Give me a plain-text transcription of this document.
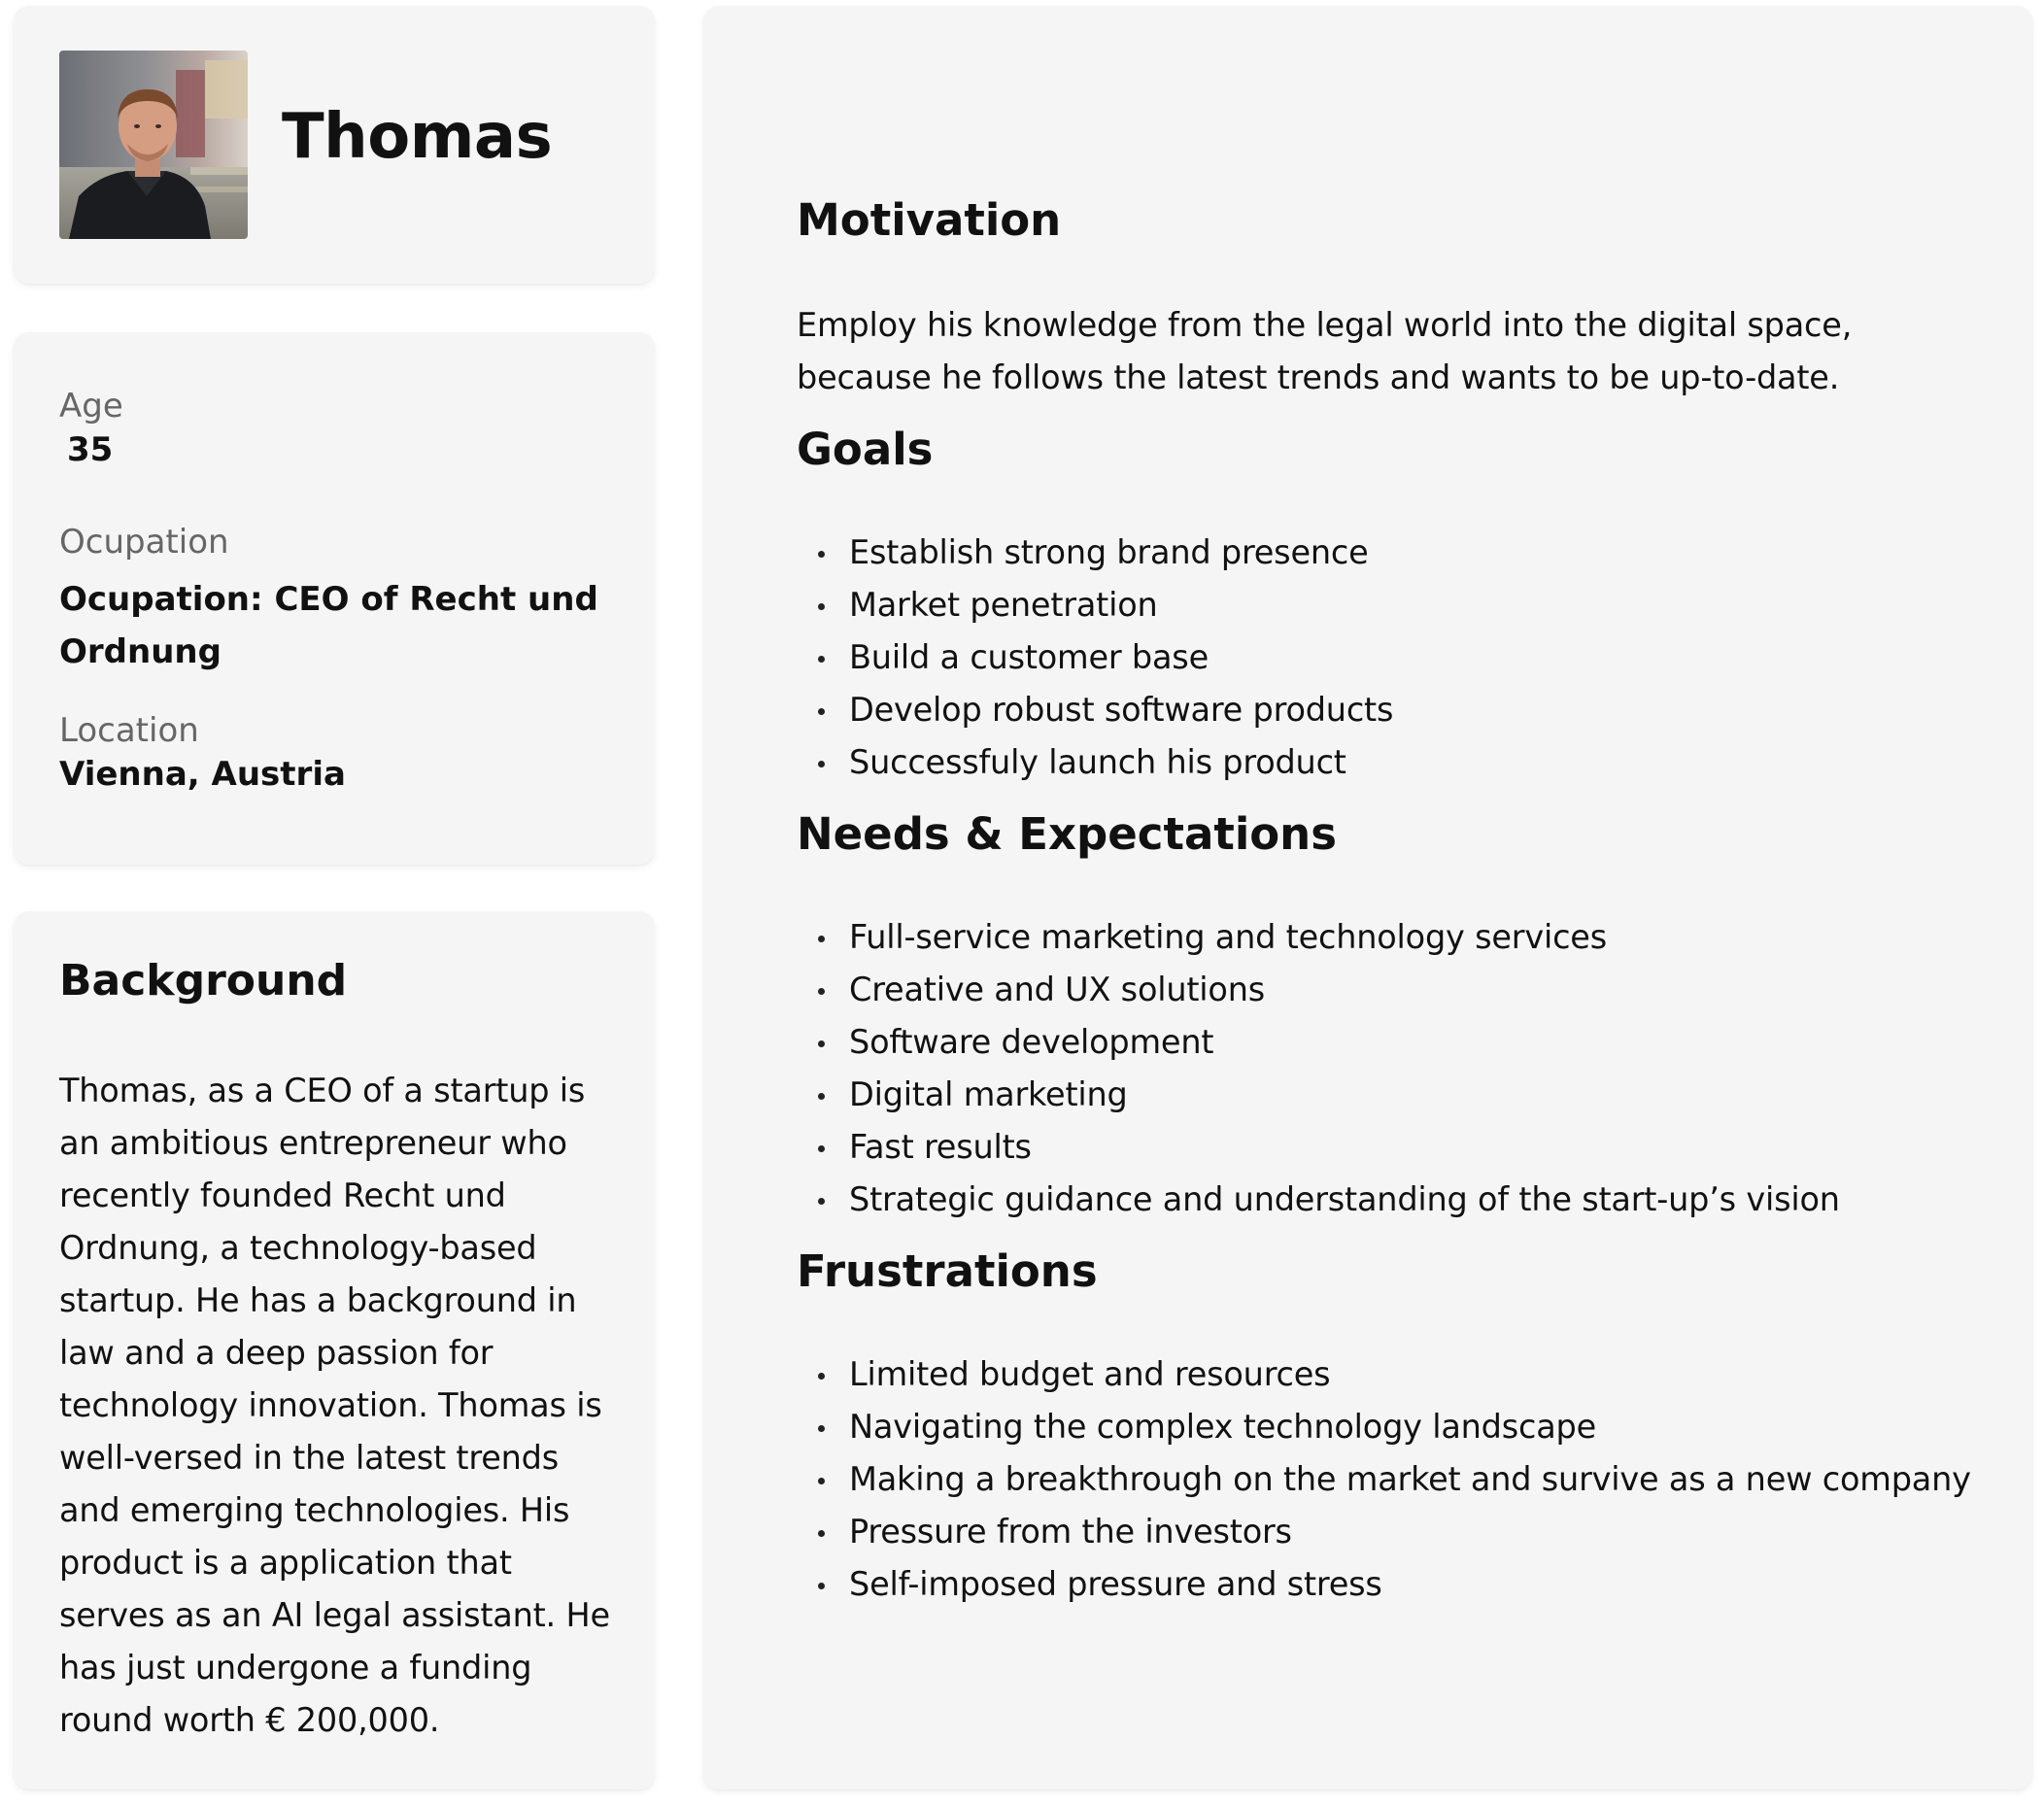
Thomas
Age
35
Ocupation
Ocupation: CEO of Recht und Ordnung
Location
Vienna, Austria
Background
Thomas, as a CEO of a startup is an ambitious entrepreneur who recently founded Recht und Ordnung, a technology-based startup. He has a background in law and a deep passion for technology innovation. Thomas is well-versed in the latest trends and emerging technologies. His product is a application that serves as an AI legal assistant. He has just undergone a funding round worth € 200,000.
Motivation
Employ his knowledge from the legal world into the digital space, because he follows the latest trends and wants to be up-to-date.
Goals
Establish strong brand presence
Market penetration
Build a customer base
Develop robust software products
Successfuly launch his product
Needs & Expectations
Full-service marketing and technology services
Creative and UX solutions
Software development
Digital marketing
Fast results
Strategic guidance and understanding of the start-up’s vision
Frustrations
Limited budget and resources
Navigating the complex technology landscape
Making a breakthrough on the market and survive as a new company
Pressure from the investors
Self-imposed pressure and stress
